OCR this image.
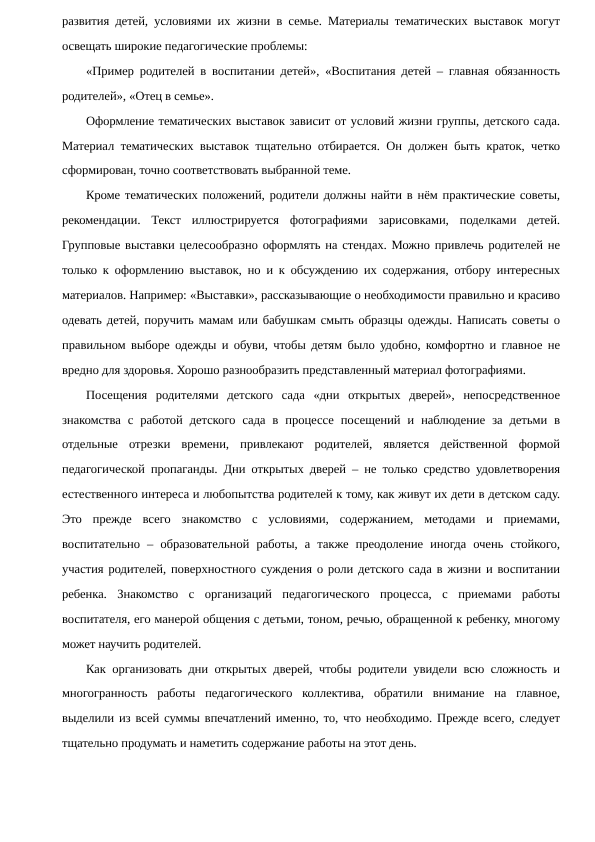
развития детей, условиями их жизни в семье. Материалы тематических выставок могут освещать широкие педагогические проблемы:

«Пример родителей в воспитании детей», «Воспитания детей – главная обязанность родителей», «Отец в семье».

Оформление тематических выставок зависит от условий жизни группы, детского сада. Материал тематических выставок тщательно отбирается. Он должен быть краток, четко сформирован, точно соответствовать выбранной теме.

Кроме тематических положений, родители должны найти в нём практические советы, рекомендации. Текст иллюстрируется фотографиями зарисовками, поделками детей. Групповые выставки целесообразно оформлять на стендах. Можно привлечь родителей не только к оформлению выставок, но и к обсуждению их содержания, отбору интересных материалов. Например: «Выставки», рассказывающие о необходимости правильно и красиво одевать детей, поручить мамам или бабушкам смыть образцы одежды. Написать советы о правильном выборе одежды и обуви, чтобы детям было удобно, комфортно и главное не вредно для здоровья. Хорошо разнообразить представленный материал фотографиями.

Посещения родителями детского сада «дни открытых дверей», непосредственное знакомства с работой детского сада в процессе посещений и наблюдение за детьми в отдельные отрезки времени, привлекают родителей, является действенной формой педагогической пропаганды. Дни открытых дверей – не только средство удовлетворения естественного интереса и любопытства родителей к тому, как живут их дети в детском саду. Это прежде всего знакомство с условиями, содержанием, методами и приемами, воспитательно – образовательной работы, а также преодоление иногда очень стойкого, участия родителей, поверхностного суждения о роли детского сада в жизни и воспитании ребенка. Знакомство с организаций педагогического процесса, с приемами работы воспитателя, его манерой общения с детьми, тоном, речью, обращенной к ребенку, многому может научить родителей.

Как организовать дни открытых дверей, чтобы родители увидели всю сложность и многогранность работы педагогического коллектива, обратили внимание на главное, выделили из всей суммы впечатлений именно, то, что необходимо. Прежде всего, следует тщательно продумать и наметить содержание работы на этот день.
